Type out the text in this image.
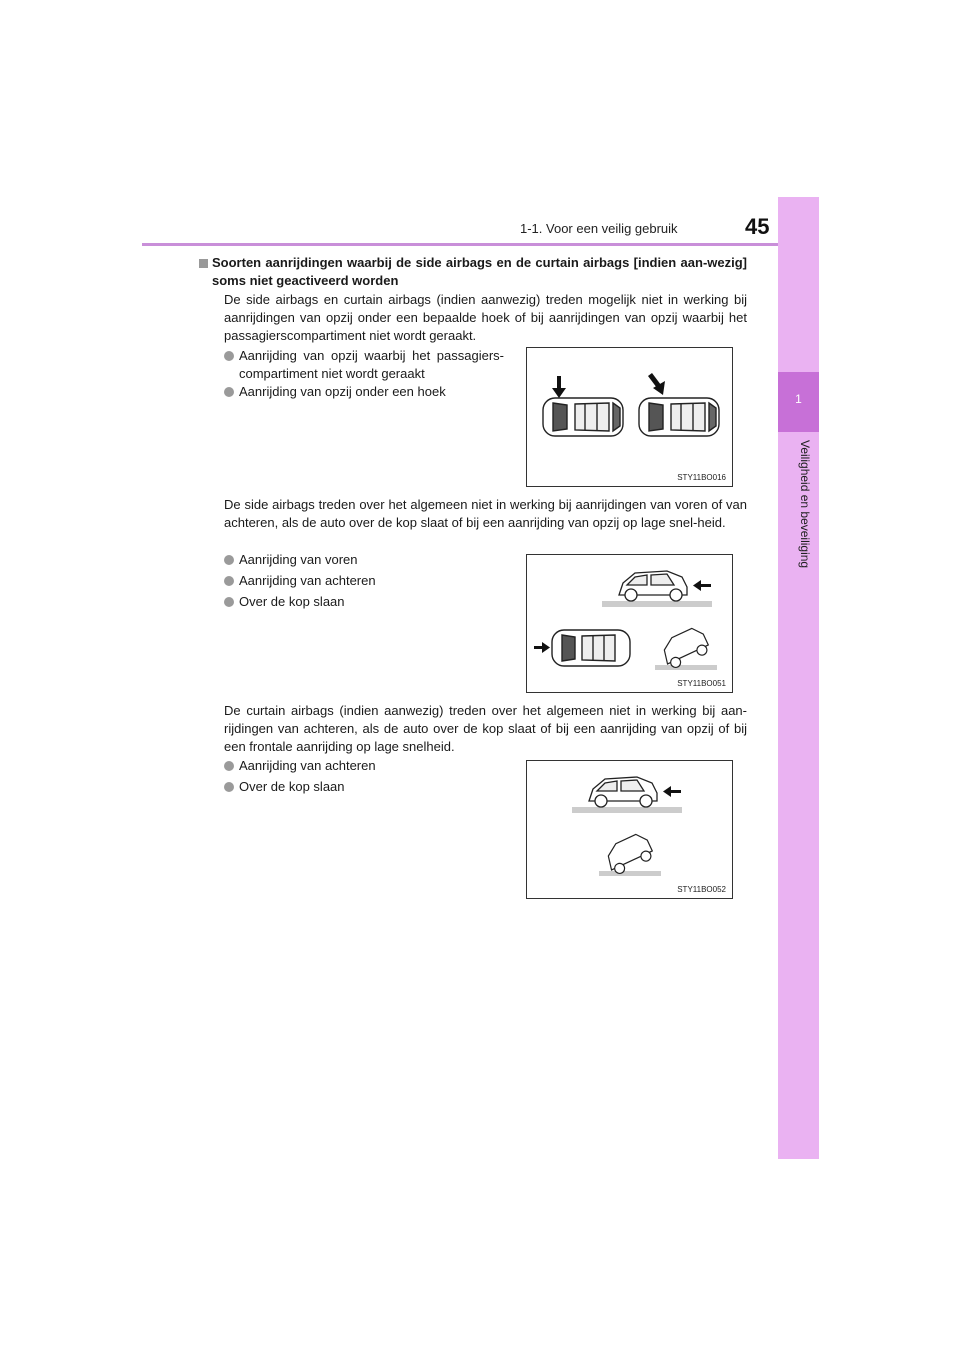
1-1. Voor een veilig gebruik	45
1
Veiligheid en beveiliging
Soorten aanrijdingen waarbij de side airbags en de curtain airbags [indien aan-wezig] soms niet geactiveerd worden
De side airbags en curtain airbags (indien aanwezig) treden mogelijk niet in werking bij aanrijdingen van opzij onder een bepaalde hoek of bij aanrijdingen van opzij waarbij het passagierscompartiment niet wordt geraakt.
Aanrijding van opzij waarbij het passagiers-compartiment niet wordt geraakt
Aanrijding van opzij onder een hoek
STY11BO016
De side airbags treden over het algemeen niet in werking bij aanrijdingen van voren of van achteren, als de auto over de kop slaat of bij een aanrijding van opzij op lage snel-heid.
Aanrijding van voren
Aanrijding van achteren
Over de kop slaan
STY11BO051
De curtain airbags (indien aanwezig) treden over het algemeen niet in werking bij aan-rijdingen van achteren, als de auto over de kop slaat of bij een aanrijding van opzij of bij een frontale aanrijding op lage snelheid.
Aanrijding van achteren
Over de kop slaan
STY11BO052
